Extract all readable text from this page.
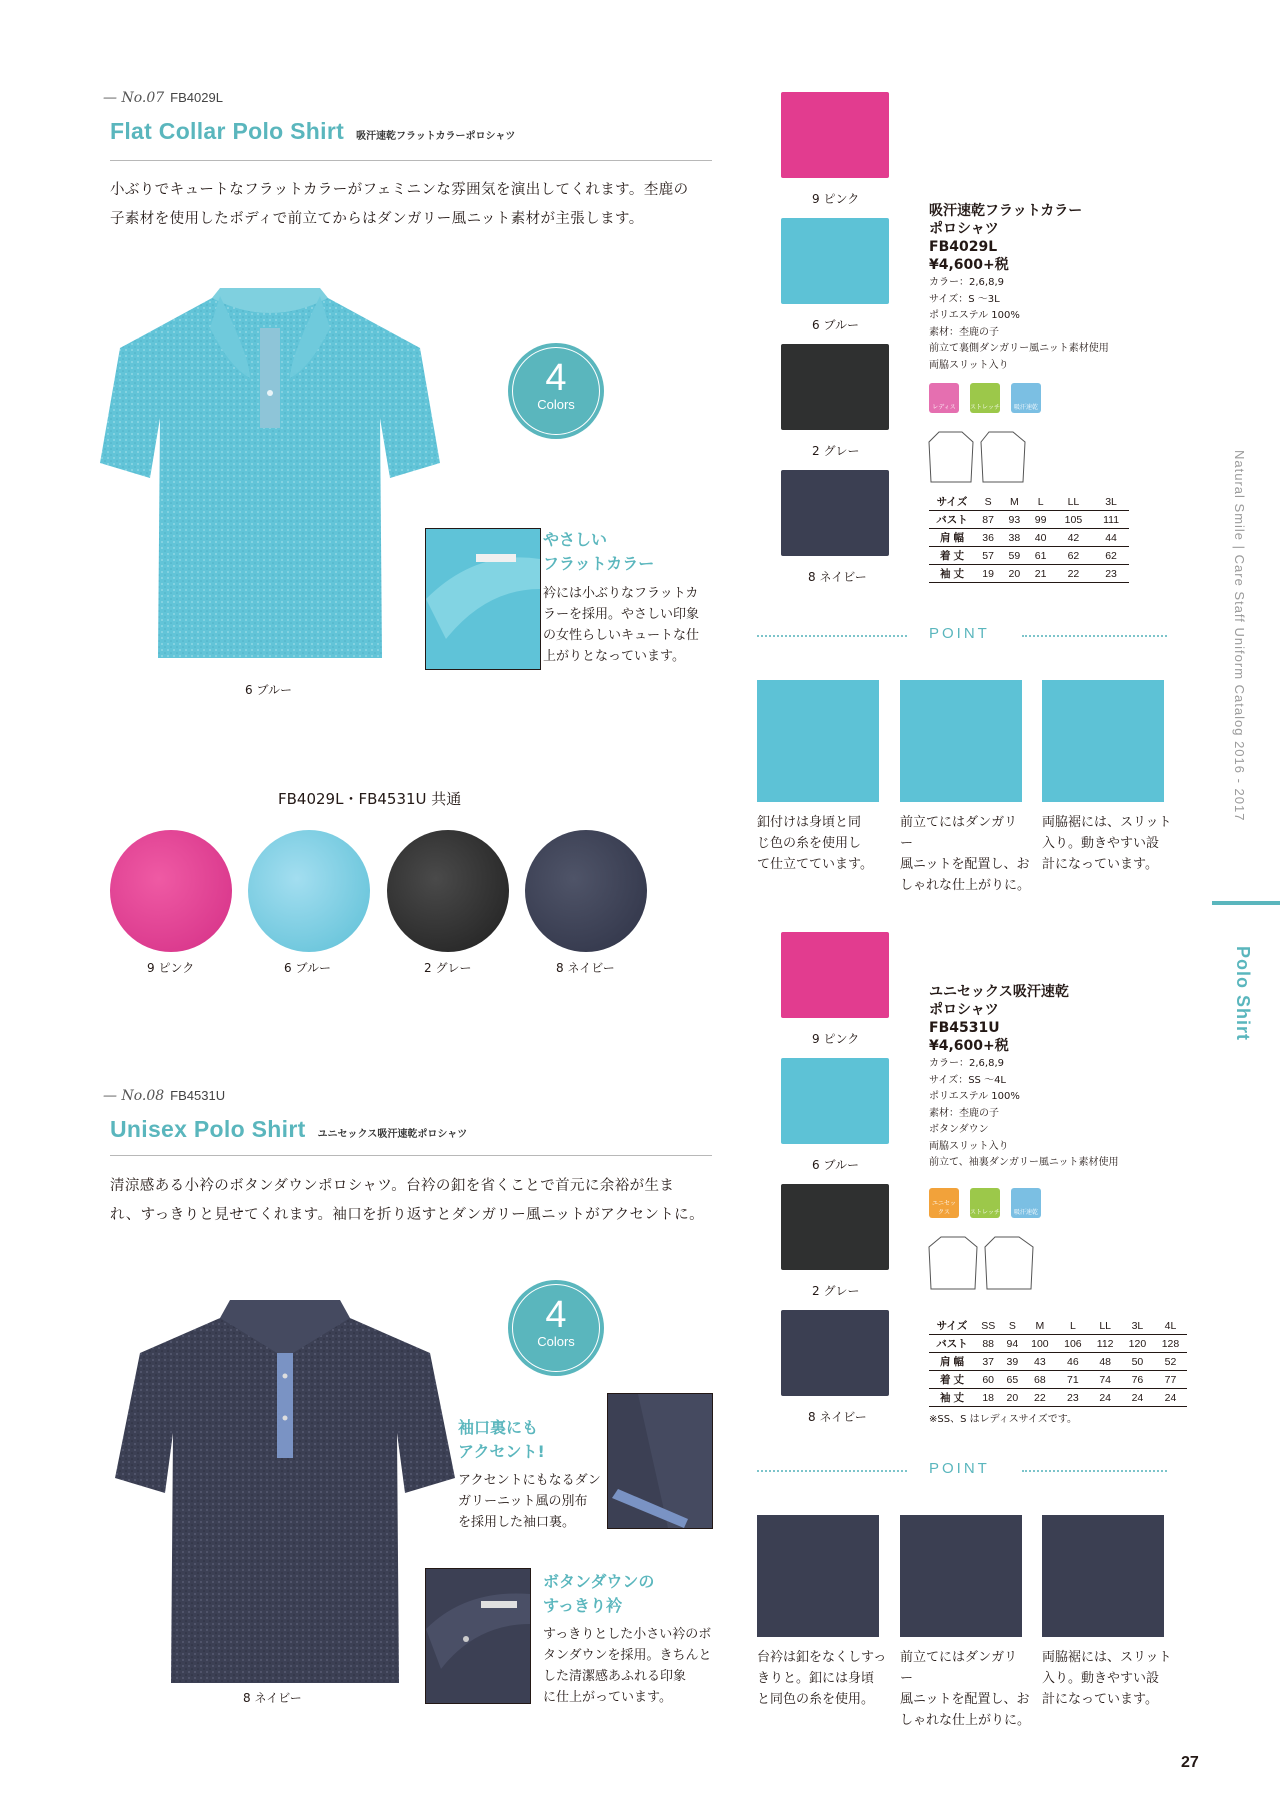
— No.07 FB4029L
Flat Collar Polo Shirt 吸汗速乾フラットカラーポロシャツ
小ぶりでキュートなフラットカラーがフェミニンな雰囲気を演出してくれます。杢鹿の
子素材を使用したボディで前立てからはダンガリー風ニット素材が主張します。
6 ブルー
4
Colors
やさしい
フラットカラー
衿には小ぶりなフラットカ
ラーを採用。やさしい印象
の女性らしいキュートな仕
上がりとなっています。
FB4029L・FB4531U 共通
9 ピンク	6 ブルー	2 グレー	8 ネイビー
— No.08 FB4531U
Unisex Polo Shirt ユニセックス吸汗速乾ポロシャツ
清涼感ある小衿のボタンダウンポロシャツ。台衿の釦を省くことで首元に余裕が生ま
れ、すっきりと見せてくれます。袖口を折り返すとダンガリー風ニットがアクセントに。
8 ネイビー
4
Colors
袖口裏にも
アクセント!
アクセントにもなるダン
ガリーニット風の別布
を採用した袖口裏。
ボタンダウンの
すっきり衿
すっきりとした小さい衿のボ
タンダウンを採用。きちんと
した清潔感あふれる印象
に仕上がっています。
9 ピンク
6 ブルー
2 グレー
8 ネイビー
吸汗速乾フラットカラー
ポロシャツ
FB4029L
¥4,600+税
カラー：2,6,8,9
サイズ：S 〜3L
ポリエステル 100%
素材：杢鹿の子
前立て裏側ダンガリー風ニット素材使用
両脇スリット入り
レディス	ストレッチ	吸汗速乾
サイズ	S	M	L	LL	3L
バスト	87	93	99	105	111
肩 幅	36	38	40	42	44
着 丈	57	59	61	62	62
袖 丈	19	20	21	22	23
POINT
釦付けは身頃と同
じ色の糸を使用し
て仕立てています。
前立てにはダンガリー
風ニットを配置し、お
しゃれな仕上がりに。
両脇裾には、スリット
入り。動きやすい設
計になっています。
9 ピンク
6 ブルー
2 グレー
8 ネイビー
ユニセックス吸汗速乾
ポロシャツ
FB4531U
¥4,600+税
カラー：2,6,8,9
サイズ：SS 〜4L
ポリエステル 100%
素材：杢鹿の子
ボタンダウン
両脇スリット入り
前立て、袖裏ダンガリー風ニット素材使用
ユニセックス	ストレッチ	吸汗速乾
サイズ	SS	S	M	L	LL	3L	4L
バスト	88	94	100	106	112	120	128
肩 幅	37	39	43	46	48	50	52
着 丈	60	65	68	71	74	76	77
袖 丈	18	20	22	23	24	24	24
※SS、S はレディスサイズです。
POINT
台衿は釦をなくしすっ
きりと。釦には身頃
と同色の糸を使用。
前立てにはダンガリー
風ニットを配置し、お
しゃれな仕上がりに。
両脇裾には、スリット
入り。動きやすい設
計になっています。
Natural Smile | Care Staff Uniform Catalog 2016 - 2017
Polo Shirt
27
